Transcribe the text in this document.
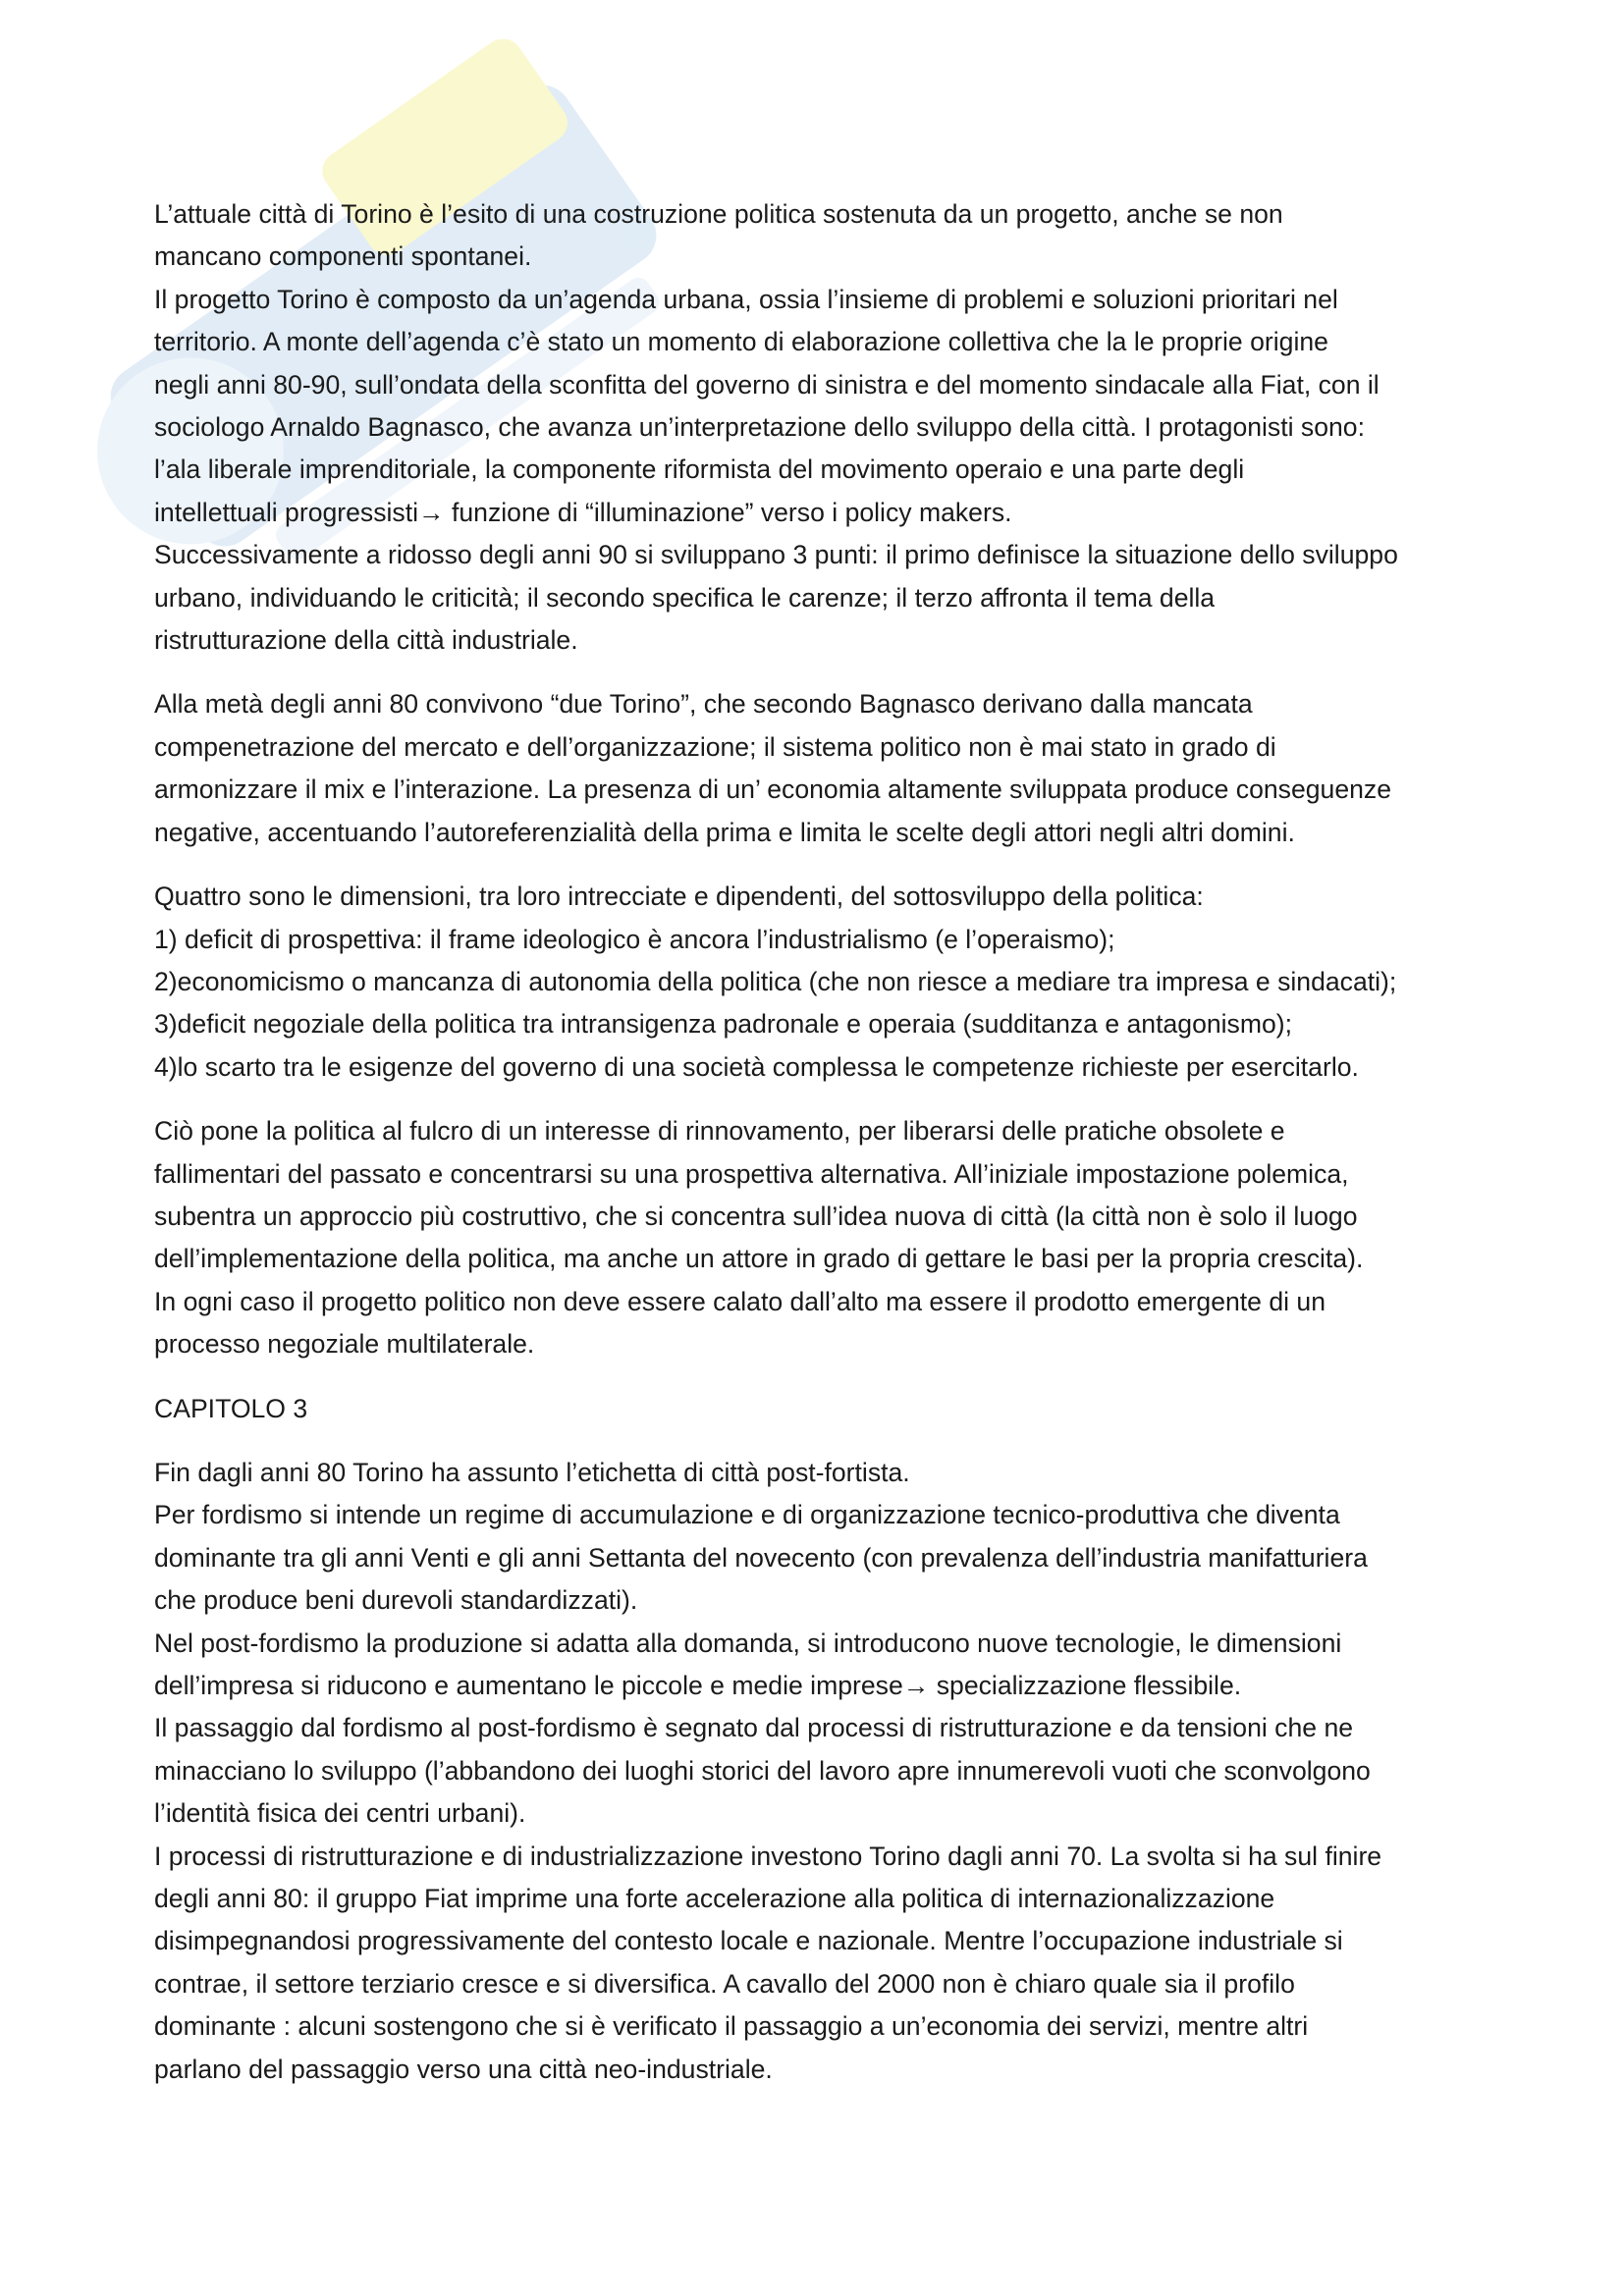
L’attuale città di Torino è l’esito di una costruzione politica sostenuta da un progetto, anche se non
mancano componenti spontanei.
Il progetto Torino è composto da un’agenda urbana, ossia l’insieme di problemi e soluzioni prioritari nel
territorio. A monte dell’agenda c’è stato un momento di elaborazione collettiva che la le proprie origine
negli anni 80-90, sull’ondata della sconfitta del governo di sinistra e del momento sindacale alla Fiat, con il
sociologo Arnaldo Bagnasco, che avanza un’interpretazione dello sviluppo della città. I protagonisti sono:
l’ala liberale imprenditoriale, la componente riformista del movimento operaio e una parte degli
intellettuali progressisti→ funzione di “illuminazione” verso i policy makers.
Successivamente a ridosso degli anni 90 si sviluppano 3 punti: il primo definisce la situazione dello sviluppo
urbano, individuando le criticità; il secondo specifica le carenze; il terzo affronta il tema della
ristrutturazione della città industriale.

Alla metà degli anni 80 convivono “due Torino”, che secondo Bagnasco derivano dalla mancata
compenetrazione del mercato e dell’organizzazione; il sistema politico non è mai stato in grado di
armonizzare il mix e l’interazione. La presenza di un’ economia altamente sviluppata produce conseguenze
negative, accentuando l’autoreferenzialità della prima e limita le scelte degli attori negli altri domini.

Quattro sono le dimensioni, tra loro intrecciate e dipendenti, del sottosviluppo della politica:
1) deficit di prospettiva: il frame ideologico è ancora l’industrialismo (e l’operaismo);
2)economicismo o mancanza di autonomia della politica (che non riesce a mediare tra impresa e sindacati);
3)deficit negoziale della politica tra intransigenza padronale e operaia (sudditanza e antagonismo);
4)lo scarto tra le esigenze del governo di una società complessa le competenze richieste per esercitarlo.

Ciò pone la politica al fulcro di un interesse di rinnovamento, per liberarsi delle pratiche obsolete e
fallimentari del passato e concentrarsi su una prospettiva alternativa. All’iniziale impostazione polemica,
subentra un approccio più costruttivo, che si concentra sull’idea nuova di città (la città non è solo il luogo
dell’implementazione della politica, ma anche un attore in grado di gettare le basi per la propria crescita).
In ogni caso il progetto politico non deve essere calato dall’alto ma essere il prodotto emergente di un
processo negoziale multilaterale.

CAPITOLO 3

Fin dagli anni 80 Torino ha assunto l’etichetta di città post-fortista.
Per fordismo si intende un regime di accumulazione e di organizzazione tecnico-produttiva che diventa
dominante tra gli anni Venti e gli anni Settanta del novecento (con prevalenza dell’industria manifatturiera
che produce beni durevoli standardizzati).
Nel post-fordismo la produzione si adatta alla domanda, si introducono nuove tecnologie, le dimensioni
dell’impresa si riducono e aumentano le piccole e medie imprese→ specializzazione flessibile.
Il passaggio dal fordismo al post-fordismo è segnato dal processi di ristrutturazione e da tensioni che ne
minacciano lo sviluppo (l’abbandono dei luoghi storici del lavoro apre innumerevoli vuoti che sconvolgono
l’identità fisica dei centri urbani).
I processi di ristrutturazione e di industrializzazione investono Torino dagli anni 70. La svolta si ha sul finire
degli anni 80: il gruppo Fiat imprime una forte accelerazione alla politica di internazionalizzazione
disimpegnandosi progressivamente del contesto locale e nazionale. Mentre l’occupazione industriale si
contrae, il settore terziario cresce e si diversifica. A cavallo del 2000 non è chiaro quale sia il profilo
dominante : alcuni sostengono che si è verificato il passaggio a un’economia dei servizi, mentre altri
parlano del passaggio verso una città neo-industriale.
